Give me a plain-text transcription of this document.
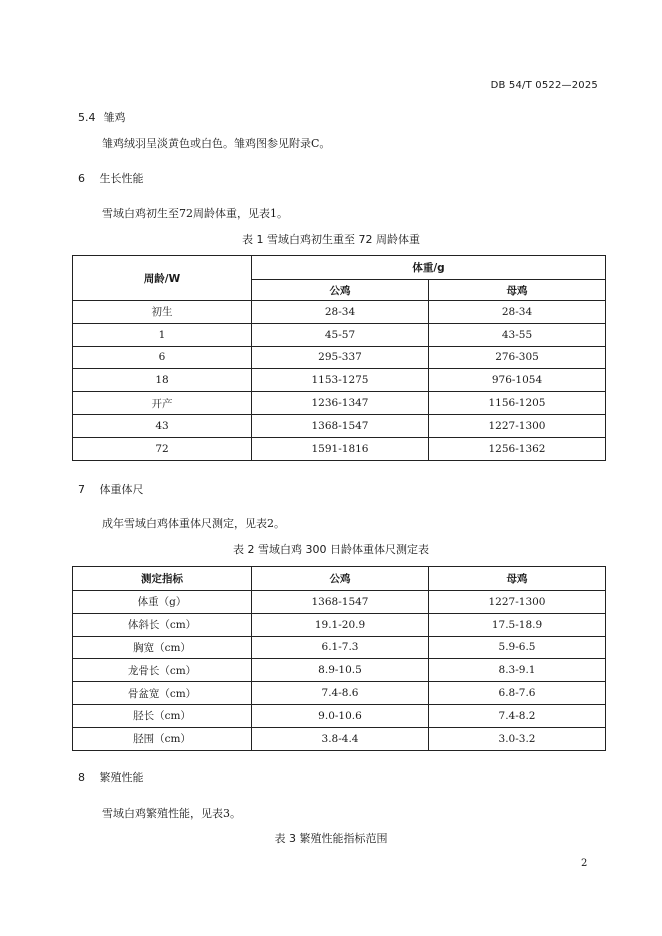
DB 54/T 0522—2025
5.4 雏鸡
雏鸡绒羽呈淡黄色或白色。雏鸡图参见附录C。
6 生长性能
雪域白鸡初生至72周龄体重，见表1。
表 1 雪域白鸡初生重至 72 周龄体重
周龄/W	体重/g	
	公鸡	母鸡
初生	28-34	28-34
1	45-57	43-55
6	295-337	276-305
18	1153-1275	976-1054
开产	1236-1347	1156-1205
43	1368-1547	1227-1300
72	1591-1816	1256-1362
7 体重体尺
成年雪域白鸡体重体尺测定，见表2。
表 2 雪域白鸡 300 日龄体重体尺测定表
测定指标	公鸡	母鸡
体重（g）	1368-1547	1227-1300
体斜长（cm）	19.1-20.9	17.5-18.9
胸宽（cm）	6.1-7.3	5.9-6.5
龙骨长（cm）	8.9-10.5	8.3-9.1
骨盆宽（cm）	7.4-8.6	6.8-7.6
胫长（cm）	9.0-10.6	7.4-8.2
胫围（cm）	3.8-4.4	3.0-3.2
8 繁殖性能
雪域白鸡繁殖性能，见表3。
表 3 繁殖性能指标范围
2
